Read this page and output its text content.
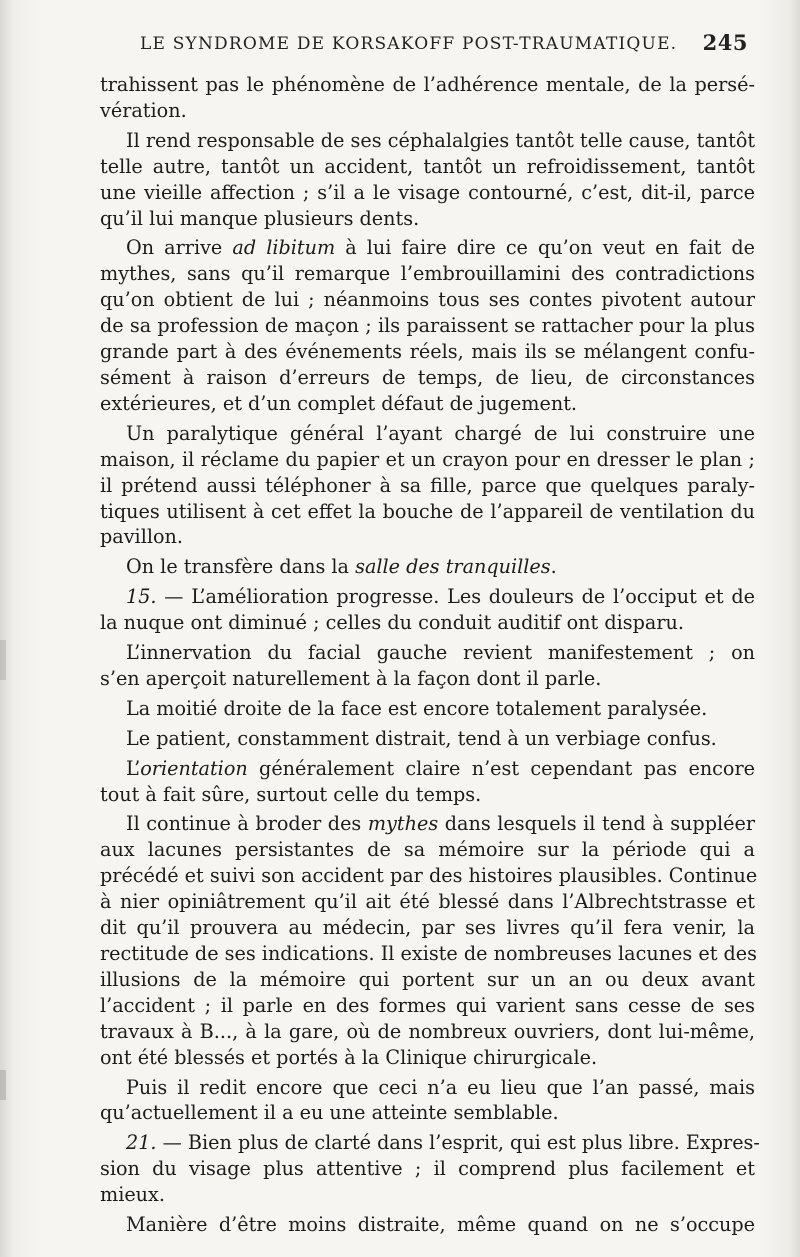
LE SYNDROME DE KORSAKOFF POST-TRAUMATIQUE. 245
trahissent pas le phénomène de l’adhérence mentale, de la persé-
vération.
Il rend responsable de ses céphalalgies tantôt telle cause, tantôt
telle autre, tantôt un accident, tantôt un refroidissement, tantôt
une vieille affection ; s’il a le visage contourné, c’est, dit-il, parce
qu’il lui manque plusieurs dents.
On arrive ad libitum à lui faire dire ce qu’on veut en fait de
mythes, sans qu’il remarque l’embrouillamini des contradictions
qu’on obtient de lui ; néanmoins tous ses contes pivotent autour
de sa profession de maçon ; ils paraissent se rattacher pour la plus
grande part à des événements réels, mais ils se mélangent confu-
sément à raison d’erreurs de temps, de lieu, de circonstances
extérieures, et d’un complet défaut de jugement.
Un paralytique général l’ayant chargé de lui construire une
maison, il réclame du papier et un crayon pour en dresser le plan ;
il prétend aussi téléphoner à sa fille, parce que quelques paraly-
tiques utilisent à cet effet la bouche de l’appareil de ventilation du
pavillon.
On le transfère dans la salle des tranquilles.
15. — L’amélioration progresse. Les douleurs de l’occiput et de
la nuque ont diminué ; celles du conduit auditif ont disparu.
L’innervation du facial gauche revient manifestement ; on
s’en aperçoit naturellement à la façon dont il parle.
La moitié droite de la face est encore totalement paralysée.
Le patient, constamment distrait, tend à un verbiage confus.
L’orientation généralement claire n’est cependant pas encore
tout à fait sûre, surtout celle du temps.
Il continue à broder des mythes dans lesquels il tend à suppléer
aux lacunes persistantes de sa mémoire sur la période qui a
précédé et suivi son accident par des histoires plausibles. Continue
à nier opiniâtrement qu’il ait été blessé dans l’Albrechtstrasse et
dit qu’il prouvera au médecin, par ses livres qu’il fera venir, la
rectitude de ses indications. Il existe de nombreuses lacunes et des
illusions de la mémoire qui portent sur un an ou deux avant
l’accident ; il parle en des formes qui varient sans cesse de ses
travaux à B..., à la gare, où de nombreux ouvriers, dont lui-même,
ont été blessés et portés à la Clinique chirurgicale.
Puis il redit encore que ceci n’a eu lieu que l’an passé, mais
qu’actuellement il a eu une atteinte semblable.
21. — Bien plus de clarté dans l’esprit, qui est plus libre. Expres-
sion du visage plus attentive ; il comprend plus facilement et
mieux.
Manière d’être moins distraite, même quand on ne s’occupe
